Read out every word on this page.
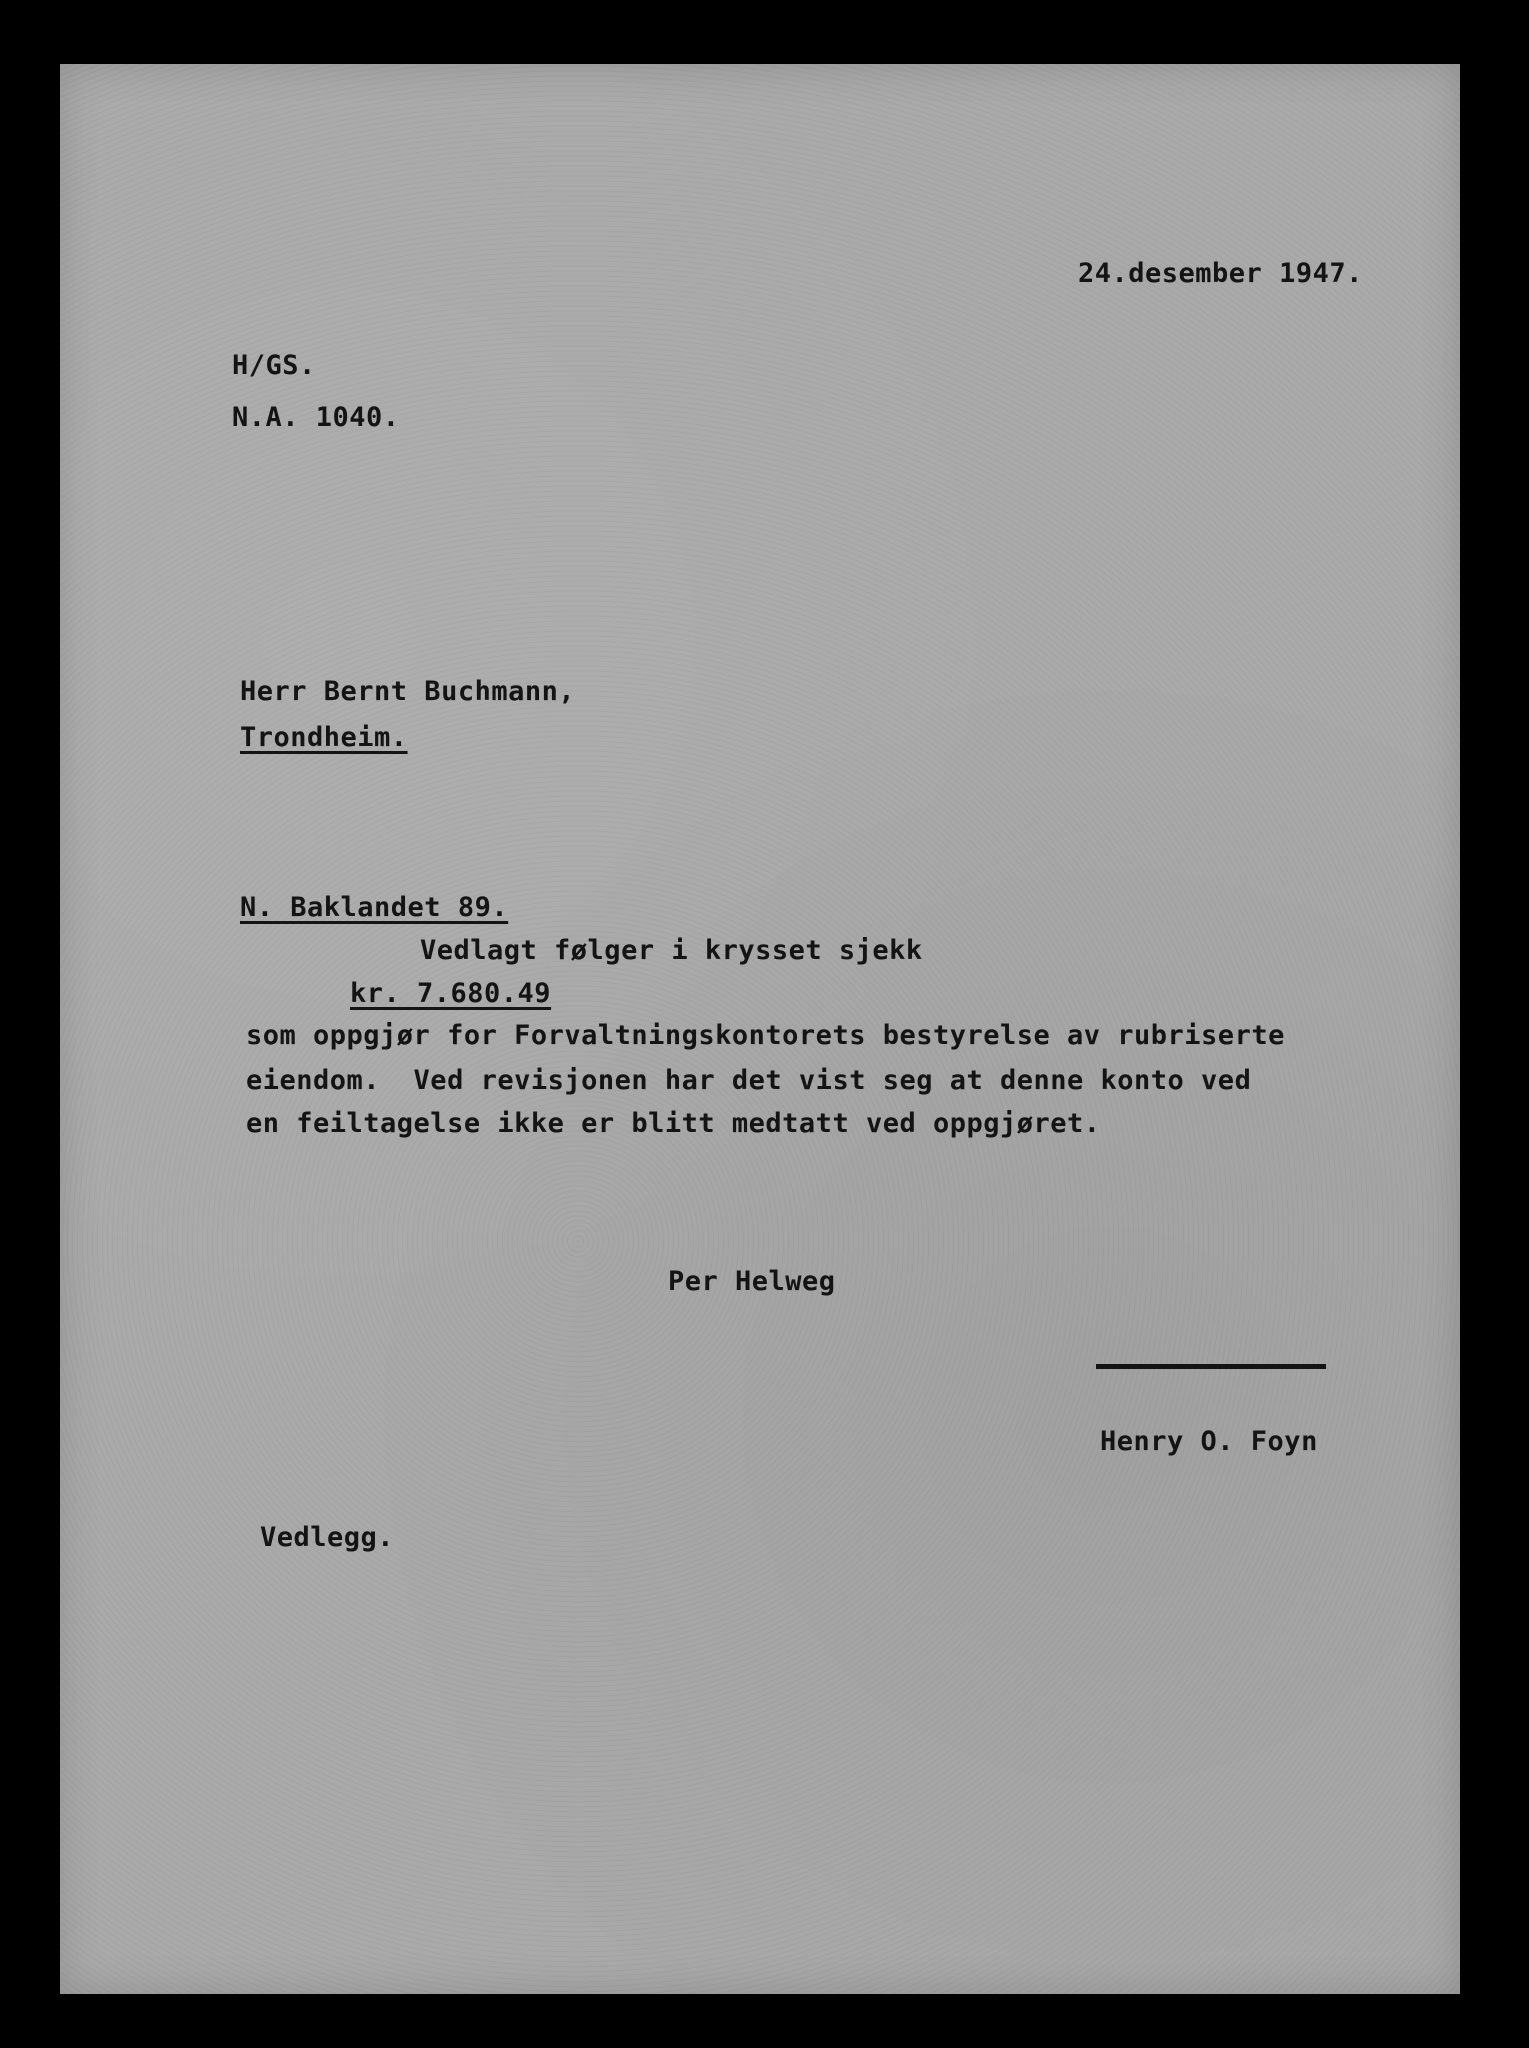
24.desember 1947.
H/GS.
N.A. 1040.
Herr Bernt Buchmann,
Trondheim.
N. Baklandet 89.
Vedlagt følger i krysset sjekk
kr. 7.680.49
som oppgjør for Forvaltningskontorets bestyrelse av rubriserte
eiendom.  Ved revisjonen har det vist seg at denne konto ved
en feiltagelse ikke er blitt medtatt ved oppgjøret.
Per Helweg
Henry O. Foyn
Vedlegg.
